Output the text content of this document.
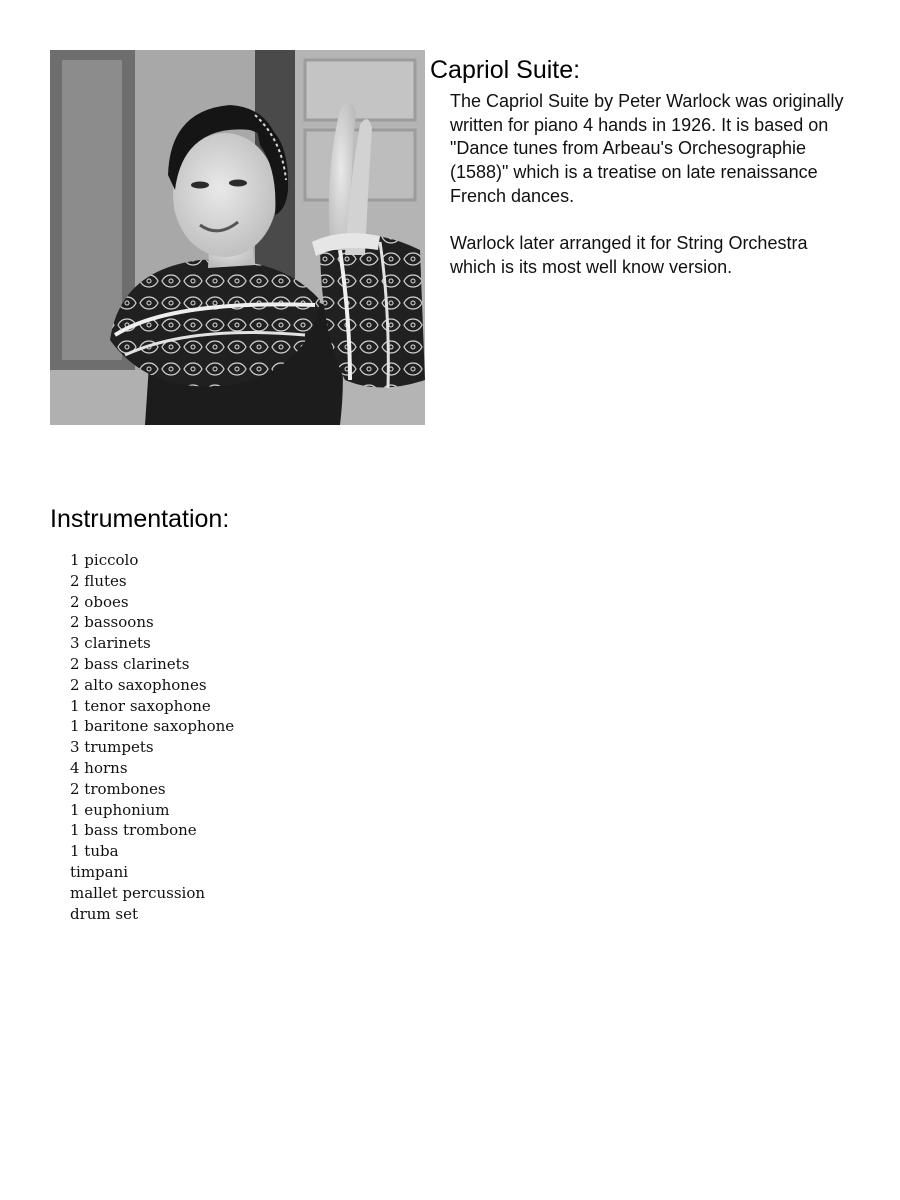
Capriol Suite:

The Capriol Suite by Peter Warlock was originally written for piano 4 hands in 1926. It is based on "Dance tunes from Arbeau's Orchesographie (1588)" which is a treatise on late renaissance French dances.

Warlock later arranged it for String Orchestra which is its most well know version.

Instrumentation:
1 piccolo
2 flutes
2 oboes
2 bassoons
3 clarinets
2 bass clarinets
2 alto saxophones
1 tenor saxophone
1 baritone saxophone
3 trumpets
4 horns
2 trombones
1 euphonium
1 bass trombone
1 tuba
timpani
mallet percussion
drum set
